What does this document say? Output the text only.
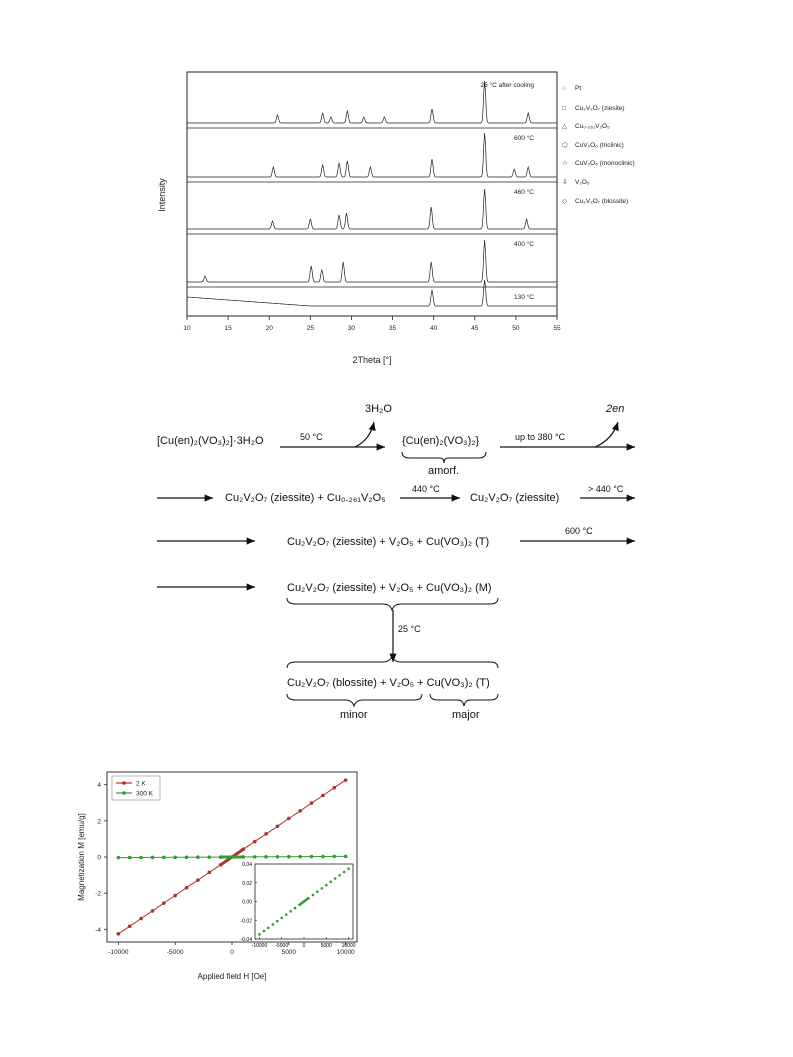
10	15	20	25	30	35	40	45	50	55
Intensity
2Theta [°]
25 °C after cooling
600 °C
460 °C
400 °C
130 °C
○ Pt
□ Cu₂V₂O₇ (ziesite)
△ Cu₀.₂₆₁V₂O₅
⬡ CuV₂O₆ (triclinic)
☆ CuV₂O₆ (monoclinic)
⇩ V₂O₅
◇ Cu₂V₂O₇ (blossite)
[Cu(en)₂(VO₃)₂]·3H₂O	50 °C
3H₂O
{Cu(en)₂(VO₃)₂}
amorf.
up to 380 °C
2en
Cu₂V₂O₇ (ziessite) + Cu₀.₂₆₁V₂O₅
440 °C
Cu₂V₂O₇ (ziessite)
> 440 °C
Cu₂V₂O₇ (ziessite) + V₂O₅ + Cu(VO₃)₂ (T)
600 °C
Cu₂V₂O₇ (ziessite) + V₂O₅ + Cu(VO₃)₂ (M)
25 °C
Cu₂V₂O₇ (blossite) + V₂O₅ + Cu(VO₃)₂ (T)
minor	major
-10000	-5000	0	5000	10000
4
2
0
-2
-4
-10000 -5000	0	5000 10000
0.04
0.02
0.00
-0.02
-0.04
Magnetization M [emu/g]
Applied field H [Oe]
2 K
300 K
